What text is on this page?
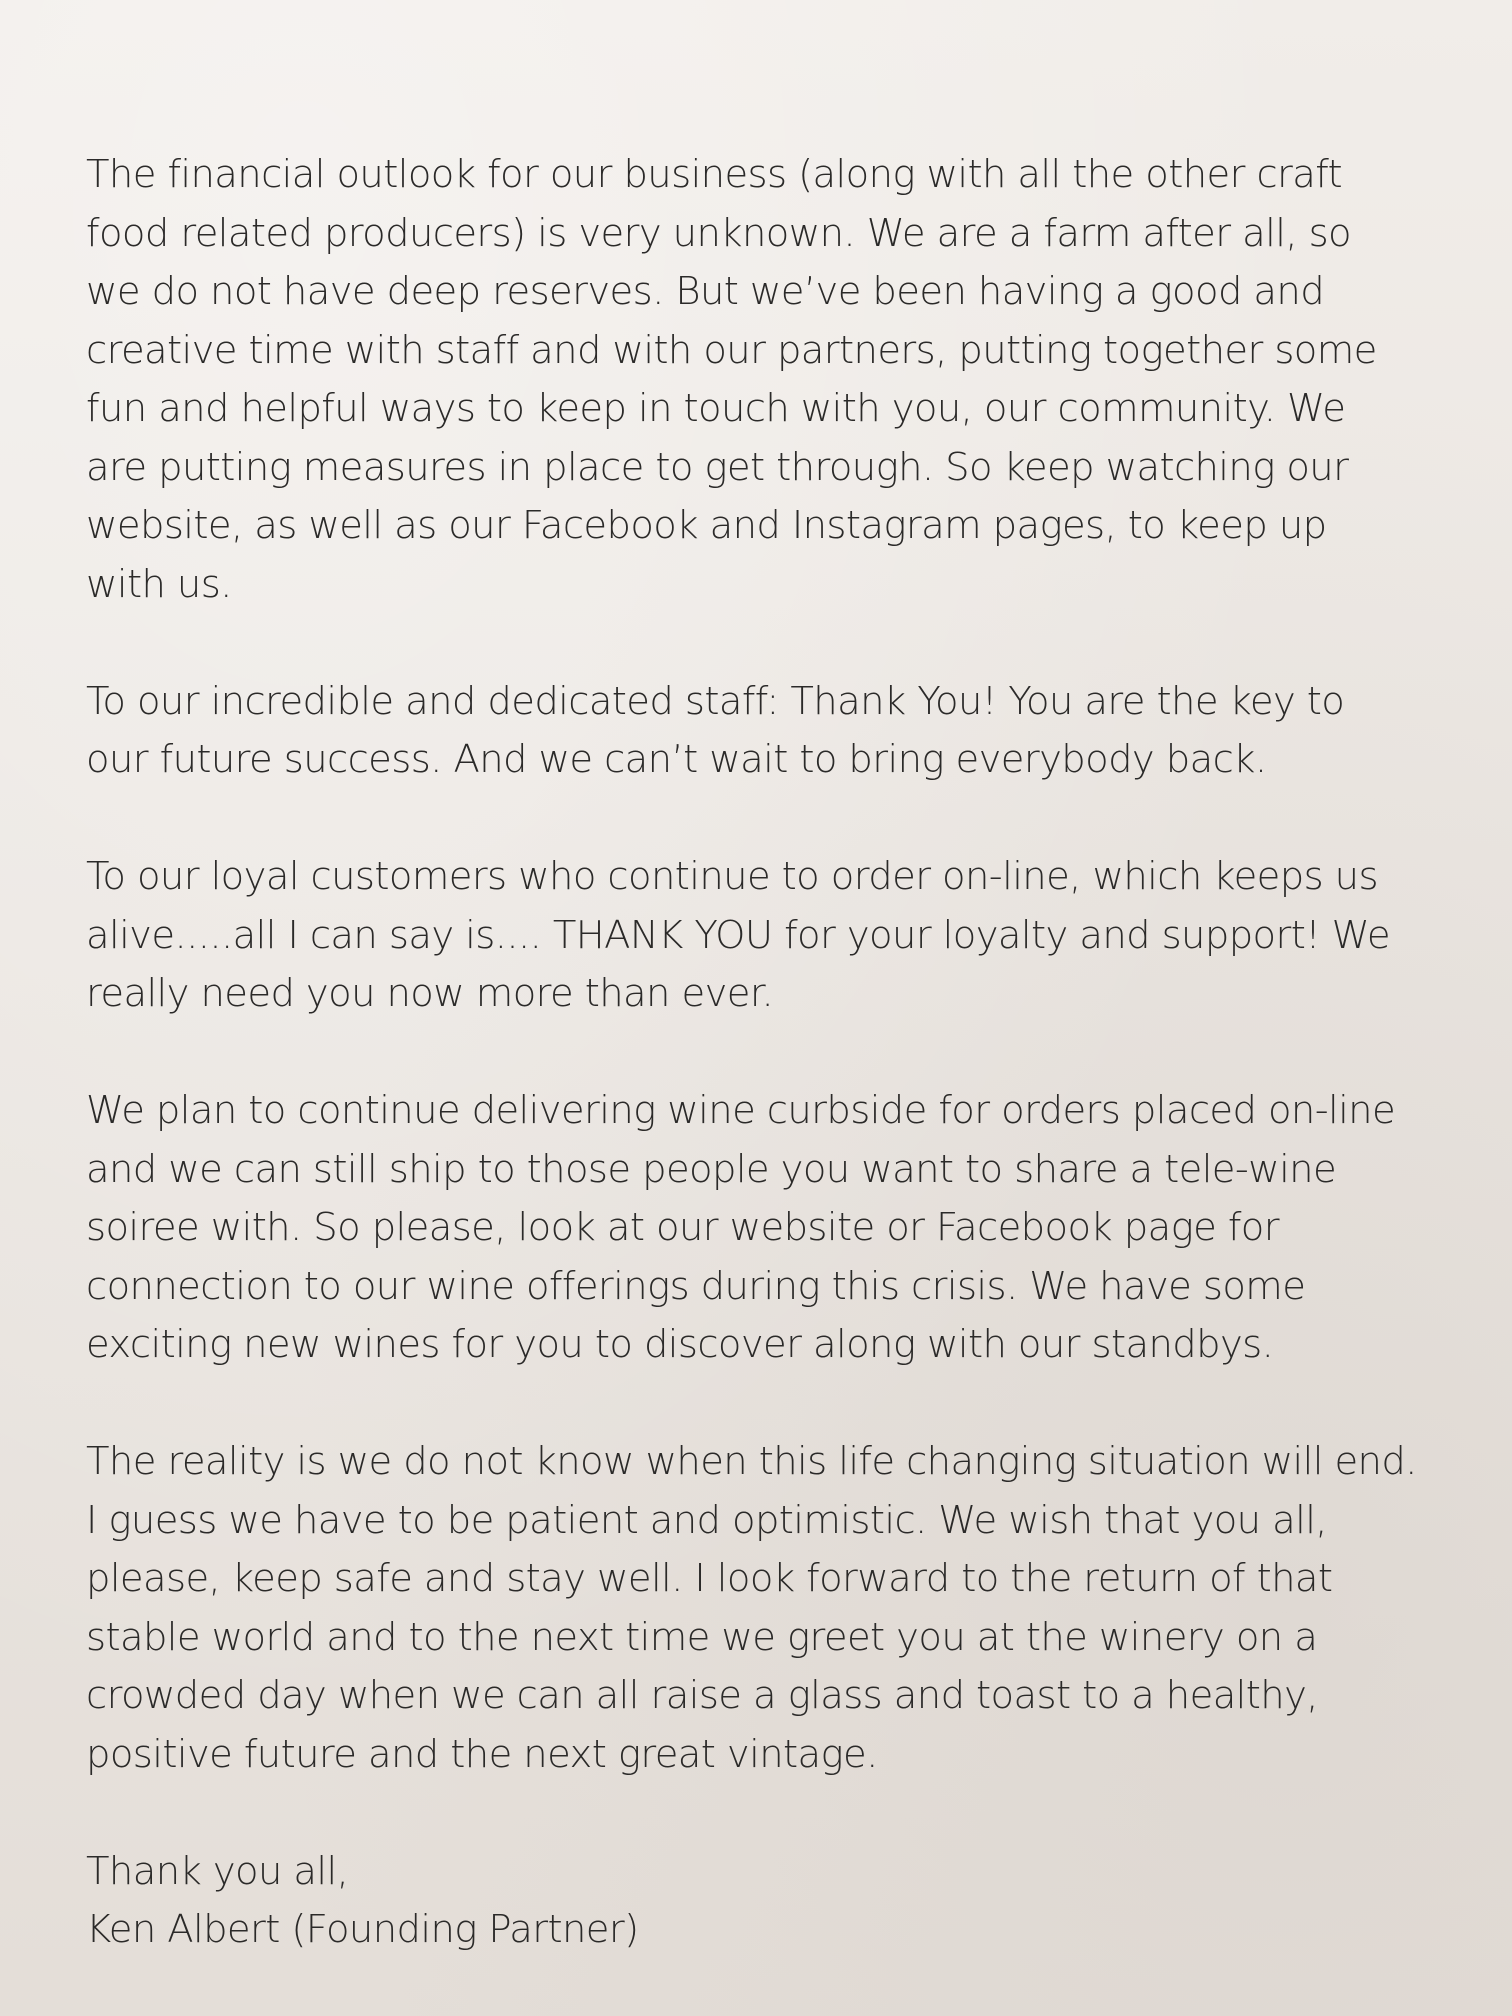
The financial outlook for our business (along with all the other craft
food related producers) is very unknown. We are a farm after all, so
we do not have deep reserves. But we’ve been having a good and
creative time with staff and with our partners, putting together some
fun and helpful ways to keep in touch with you, our community. We
are putting measures in place to get through. So keep watching our
website, as well as our Facebook and Instagram pages, to keep up
with us.

To our incredible and dedicated staff: Thank You! You are the key to
our future success. And we can’t wait to bring everybody back.

To our loyal customers who continue to order on-line, which keeps us
alive.....all I can say is.... THANK YOU for your loyalty and support! We
really need you now more than ever.

We plan to continue delivering wine curbside for orders placed on-line
and we can still ship to those people you want to share a tele-wine
soiree with. So please, look at our website or Facebook page for
connection to our wine offerings during this crisis. We have some
exciting new wines for you to discover along with our standbys.

The reality is we do not know when this life changing situation will end.
I guess we have to be patient and optimistic. We wish that you all,
please, keep safe and stay well. I look forward to the return of that
stable world and to the next time we greet you at the winery on a
crowded day when we can all raise a glass and toast to a healthy,
positive future and the next great vintage.

Thank you all,
Ken Albert (Founding Partner)
